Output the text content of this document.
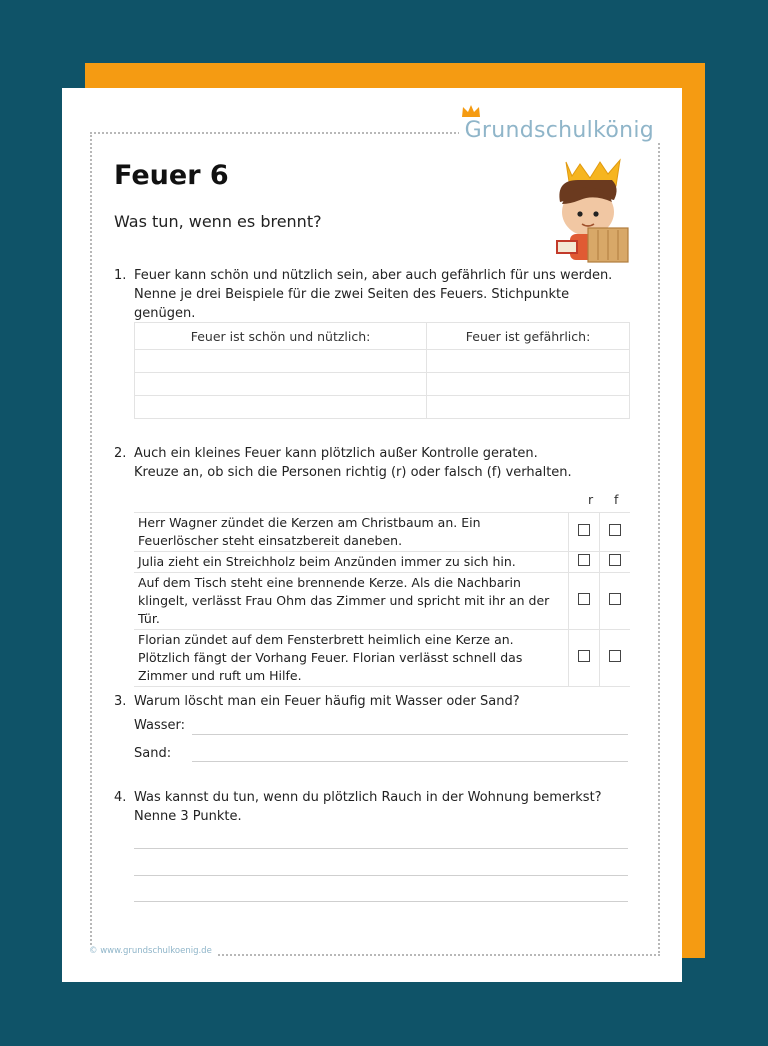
Grundschulkönig
Feuer 6
Was tun, wenn es brennt?
1. Feuer kann schön und nützlich sein, aber auch gefährlich für uns werden.
Nenne je drei Beispiele für die zwei Seiten des Feuers. Stichpunkte genügen.
Feuer ist schön und nützlich:	Feuer ist gefährlich:

2. Auch ein kleines Feuer kann plötzlich außer Kontrolle geraten.
Kreuze an, ob sich die Personen richtig (r) oder falsch (f) verhalten.
r f
Herr Wagner zündet die Kerzen am Christbaum an. Ein Feuerlöscher steht einsatzbereit daneben.		
Julia zieht ein Streichholz beim Anzünden immer zu sich hin.		
Auf dem Tisch steht eine brennende Kerze. Als die Nachbarin klingelt, verlässt Frau Ohm das Zimmer und spricht mit ihr an der Tür.		
Florian zündet auf dem Fensterbrett heimlich eine Kerze an. Plötzlich fängt der Vorhang Feuer. Florian verlässt schnell das Zimmer und ruft um Hilfe.		
3. Warum löscht man ein Feuer häufig mit Wasser oder Sand?
Wasser:
Sand:
4. Was kannst du tun, wenn du plötzlich Rauch in der Wohnung bemerkst?
Nenne 3 Punkte.
© www.grundschulkoenig.de
